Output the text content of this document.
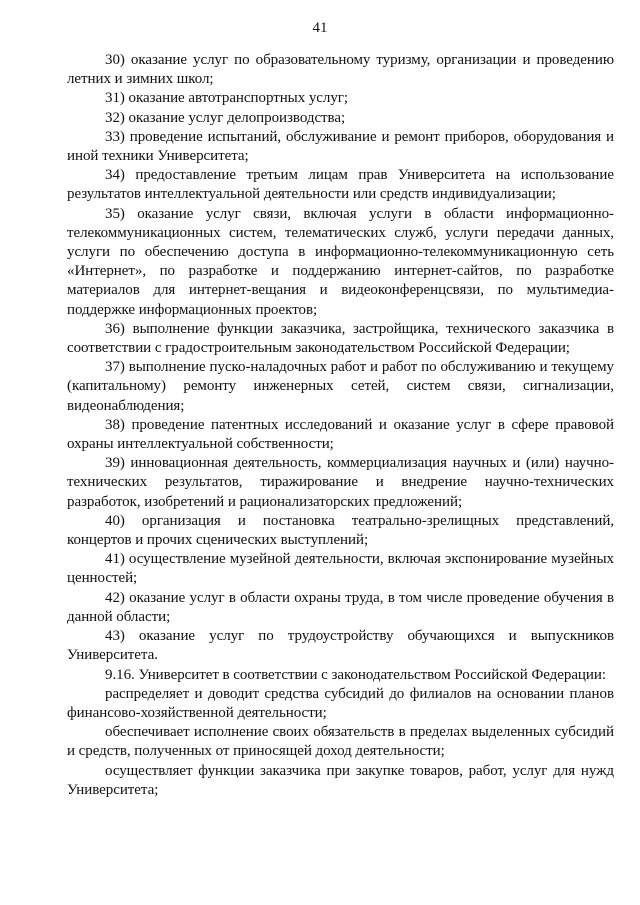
41

30) оказание услуг по образовательному туризму, организации и проведению летних и зимних школ;

31) оказание автотранспортных услуг;

32) оказание услуг делопроизводства;

33) проведение испытаний, обслуживание и ремонт приборов, оборудования и иной техники Университета;

34) предоставление третьим лицам прав Университета на использование результатов интеллектуальной деятельности или средств индивидуализации;

35) оказание услуг связи, включая услуги в области информационно-телекоммуникационных систем, телематических служб, услуги передачи данных, услуги по обеспечению доступа в информационно-телекоммуникационную сеть «Интернет», по разработке и поддержанию интернет-сайтов, по разработке материалов для интернет-вещания и видеоконференцсвязи, по мультимедиа-поддержке информационных проектов;

36) выполнение функции заказчика, застройщика, технического заказчика в соответствии с градостроительным законодательством Российской Федерации;

37) выполнение пуско-наладочных работ и работ по обслуживанию и текущему (капитальному) ремонту инженерных сетей, систем связи, сигнализации, видеонаблюдения;

38) проведение патентных исследований и оказание услуг в сфере правовой охраны интеллектуальной собственности;

39) инновационная деятельность, коммерциализация научных и (или) научно-технических результатов, тиражирование и внедрение научно-технических разработок, изобретений и рационализаторских предложений;

40) организация и постановка театрально-зрелищных представлений, концертов и прочих сценических выступлений;

41) осуществление музейной деятельности, включая экспонирование музейных ценностей;

42) оказание услуг в области охраны труда, в том числе проведение обучения в данной области;

43) оказание услуг по трудоустройству обучающихся и выпускников Университета.

9.16. Университет в соответствии с законодательством Российской Федерации:

распределяет и доводит средства субсидий до филиалов на основании планов финансово-хозяйственной деятельности;

обеспечивает исполнение своих обязательств в пределах выделенных субсидий и средств, полученных от приносящей доход деятельности;

осуществляет функции заказчика при закупке товаров, работ, услуг для нужд Университета;
